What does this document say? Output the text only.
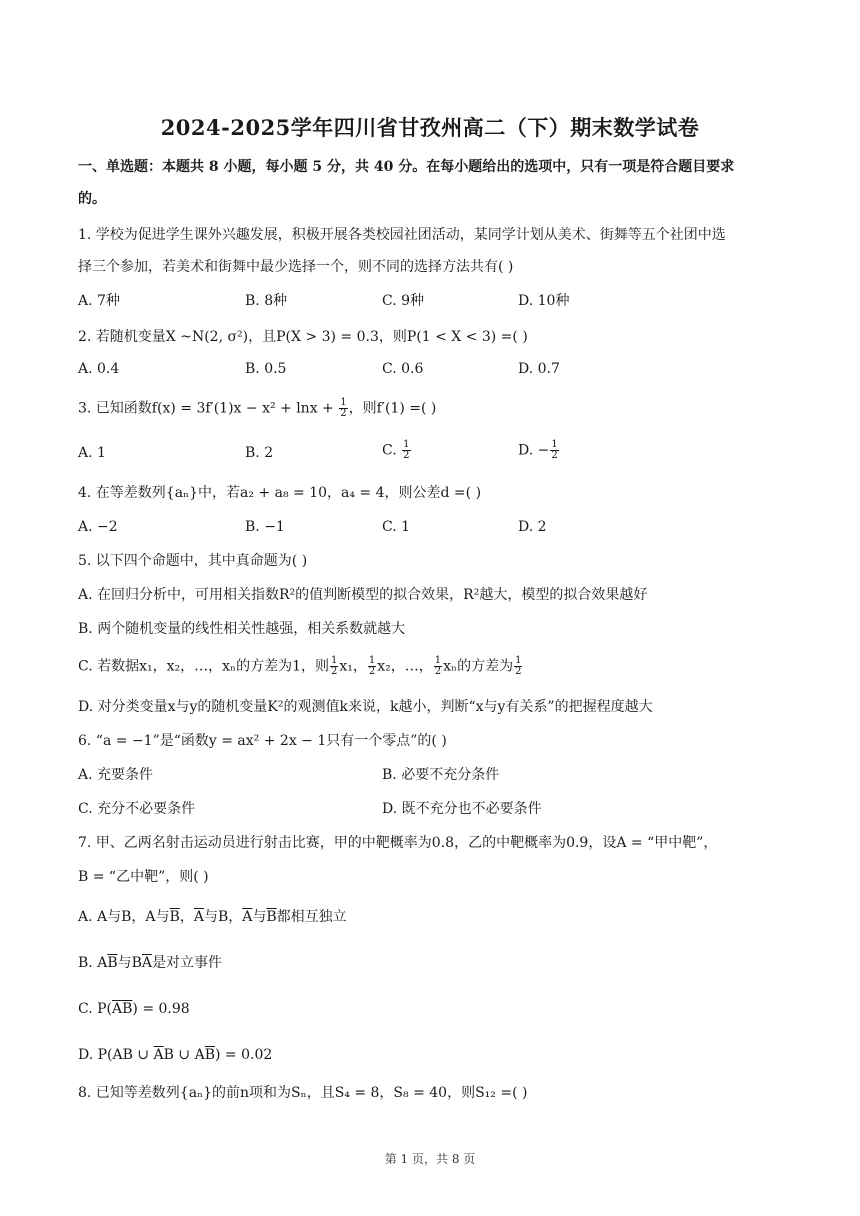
2024-2025学年四川省甘孜州高二（下）期末数学试卷
一、单选题：本题共 8 小题，每小题 5 分，共 40 分。在每小题给出的选项中，只有一项是符合题目要求
的。
1. 学校为促进学生课外兴趣发展，积极开展各类校园社团活动，某同学计划从美术、街舞等五个社团中选
择三个参加，若美术和街舞中最少选择一个，则不同的选择方法共有( )
A. 7种	B. 8种	C. 9种	D. 10种
2. 若随机变量X ~N(2, σ²)，且P(X > 3) = 0.3，则P(1 < X < 3) =( )
A. 0.4	B. 0.5	C. 0.6	D. 0.7
3. 已知函数$f(x) = 3f'(1)x - x^2 + \ln x + \frac{1}{2}$ ，则f′(1) =( )
A. 1	B. 2	C. $\frac{1}{2}$	D. − $\frac{1}{2}$
4. 在等差数列{aₙ}中，若a₂ + a₈ = 10，a₄ = 4，则公差d =( )
A. −2	B. −1	C. 1	D. 2
5. 以下四个命题中，其中真命题为( )
A. 在回归分析中，可用相关指数R²的值判断模型的拟合效果，R²越大，模型的拟合效果越好
B. 两个随机变量的线性相关性越强，相关系数就越大
C. 若数据x₁，x₂，…，xₙ的方差为1，则 $\frac{1}{2} x_1$， $\frac{1}{2} x_2$，…， $\frac{1}{2}$ xₙ的方差为 $\frac{1}{2}$
D. 对分类变量x与y的随机变量K²的观测值k来说，k越小，判断“x与y有关系”的把握程度越大
6. “a = −1”是“函数y = ax² + 2x − 1只有一个零点”的( )
A. 充要条件	B. 必要不充分条件
C. 充分不必要条件	D. 既不充分也不必要条件
7. 甲、乙两名射击运动员进行射击比赛，甲的中靶概率为0.8，乙的中靶概率为0.9，设A = “甲中靶”，
B = “乙中靶”，则( )
A. A与B，A与$\overline{B}$，$\overline{A}$与B，$\overline{A}$与$\overline{B}$都相互独立
B. $A\overline{B}$与$B\overline{A}$是对立事件
C. $P(\overline{AB}) = 0.98$
D. P(AB ∪ $\overline{A}B$ ∪ $A\overline{B}) = 0.02$
8. 已知等差数列{aₙ}的前n项和为Sₙ，且S₄ = 8，S₈ = 40，则S₁₂ =( )
第 1 页，共 8 页
